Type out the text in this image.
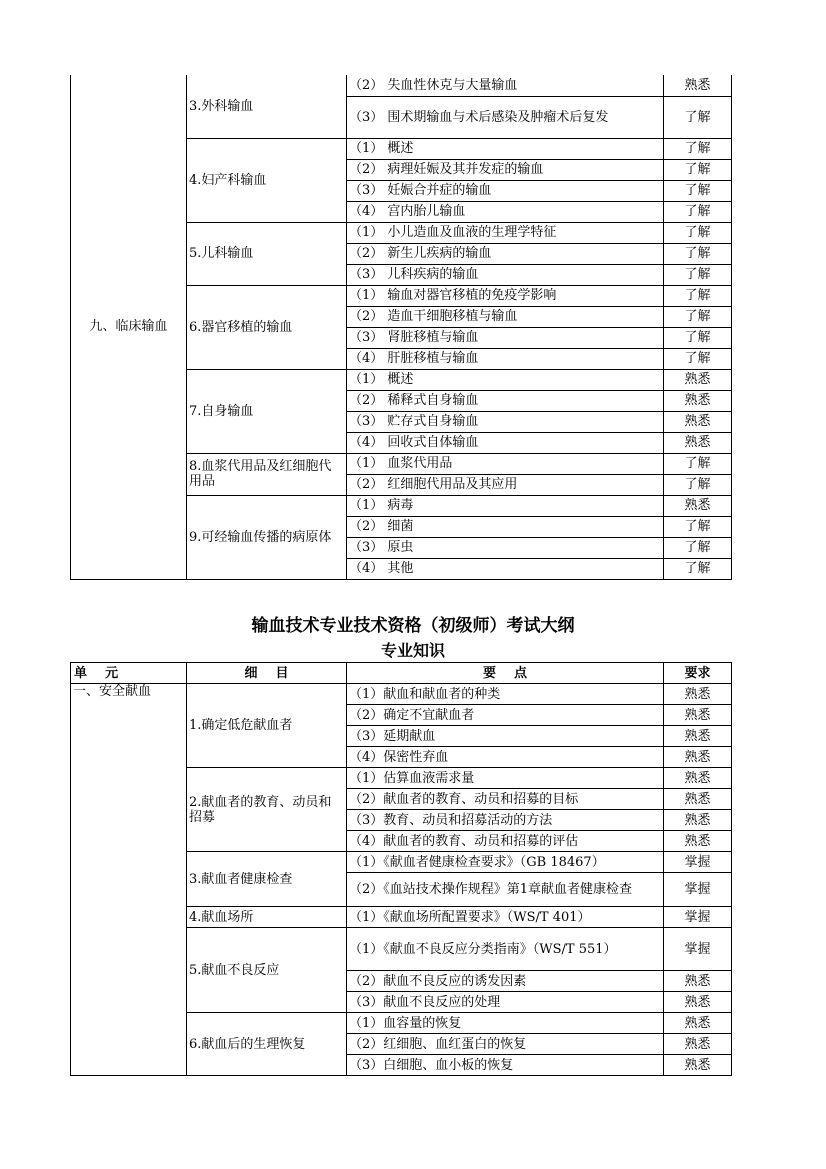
九、临床输血	3.外科输血	（2） 失血性休克与大量输血	熟悉
		（3） 围术期输血与术后感染及肿瘤术后复发	了解
	4.妇产科输血	（1） 概述	了解
		（2） 病理妊娠及其并发症的输血	了解
		（3） 妊娠合并症的输血	了解
		（4） 宫内胎儿输血	了解
	5.儿科输血	（1） 小儿造血及血液的生理学特征	了解
		（2） 新生儿疾病的输血	了解
		（3） 儿科疾病的输血	了解
	6.器官移植的输血	（1） 输血对器官移植的免疫学影响	了解
		（2） 造血干细胞移植与输血	了解
		（3） 肾脏移植与输血	了解
		（4） 肝脏移植与输血	了解
	7.自身输血	（1） 概述	熟悉
		（2） 稀释式自身输血	熟悉
		（3） 贮存式自身输血	熟悉
		（4） 回收式自体输血	熟悉
	8.血浆代用品及红细胞代用品	（1） 血浆代用品	了解
		（2） 红细胞代用品及其应用	了解
	9.可经输血传播的病原体	（1） 病毒	熟悉
		（2） 细菌	了解
		（3） 原虫	了解
		（4） 其他	了解
输血技术专业技术资格（初级师）考试大纲
专业知识
单    元	细    目	要    点	要求
一、安全献血	1.确定低危献血者	（1）献血和献血者的种类	熟悉
		（2）确定不宜献血者	熟悉
		（3）延期献血	熟悉
		（4）保密性弃血	熟悉
	2.献血者的教育、动员和招募	（1）估算血液需求量	熟悉
		（2）献血者的教育、动员和招募的目标	熟悉
		（3）教育、动员和招募活动的方法	熟悉
		（4）献血者的教育、动员和招募的评估	熟悉
	3.献血者健康检查	（1）《献血者健康检查要求》（GB 18467）	掌握
		（2）《血站技术操作规程》第1章献血者健康检查	掌握
	4.献血场所	（1）《献血场所配置要求》（WS/T 401）	掌握
	5.献血不良反应	（1）《献血不良反应分类指南》（WS/T 551）	掌握
		（2）献血不良反应的诱发因素	熟悉
		（3）献血不良反应的处理	熟悉
	6.献血后的生理恢复	（1）血容量的恢复	熟悉
		（2）红细胞、血红蛋白的恢复	熟悉
		（3）白细胞、血小板的恢复	熟悉
